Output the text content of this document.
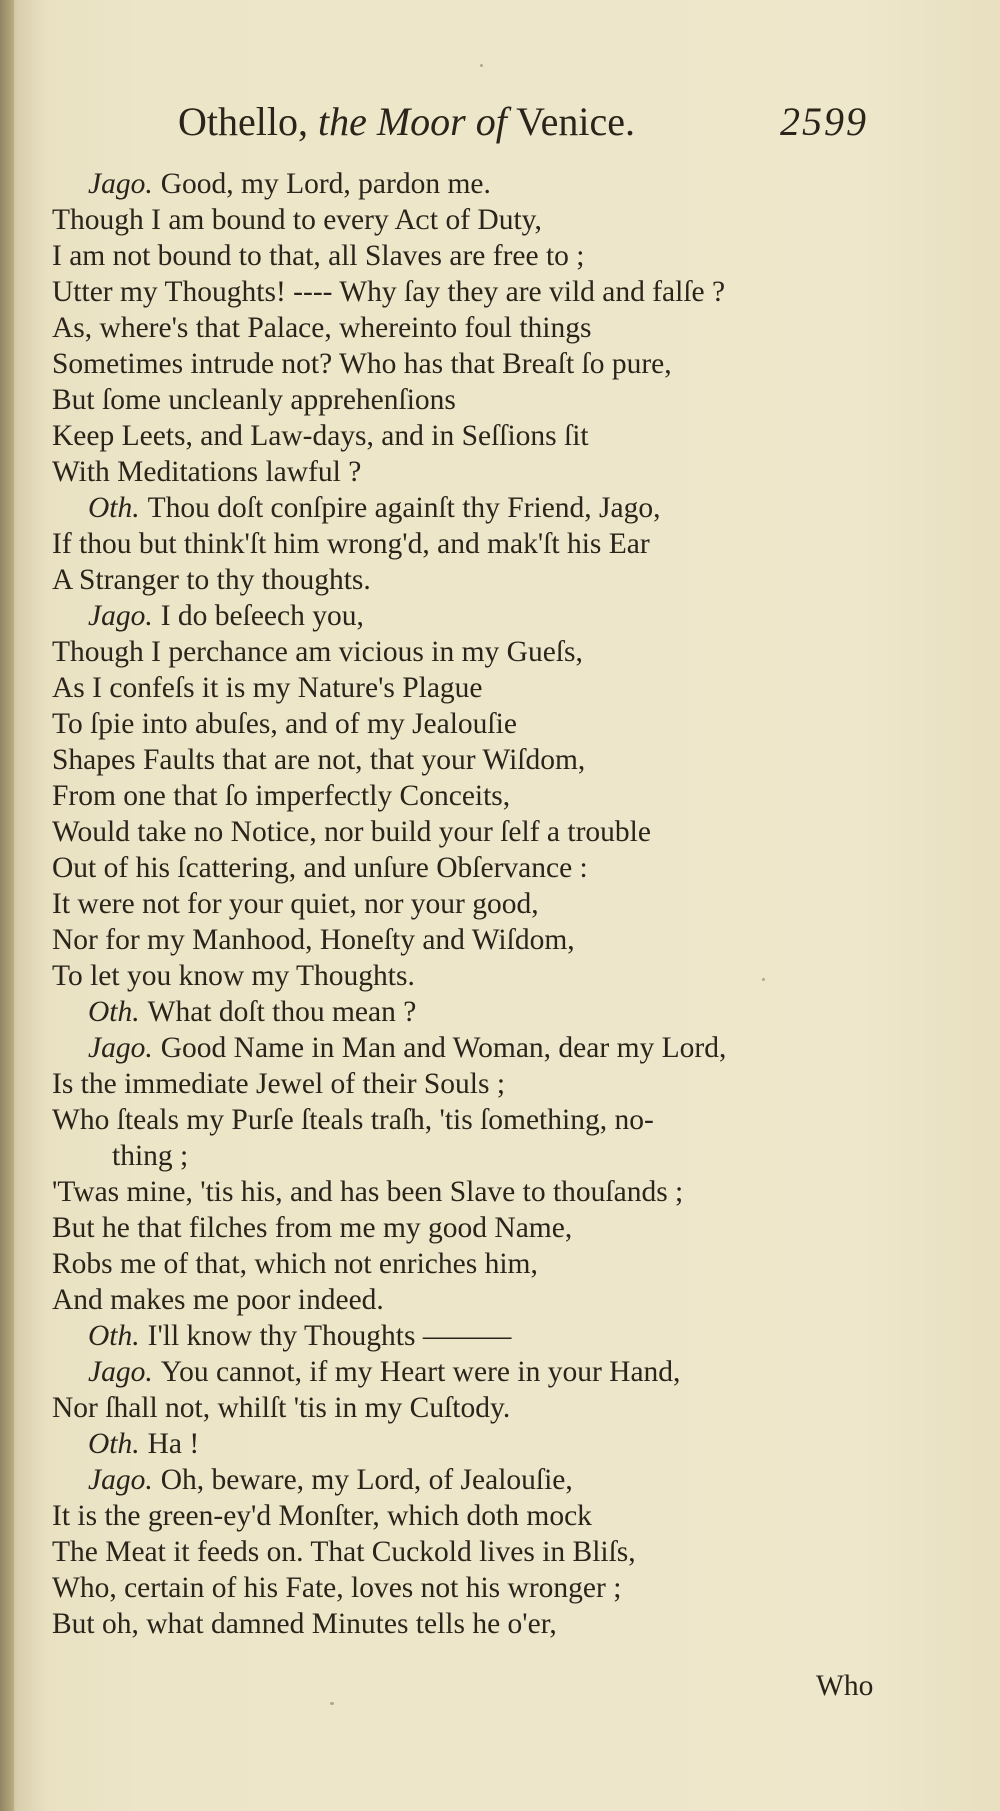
Othello, the Moor of Venice.	2599
Jago. Good, my Lord, pardon me.
Though I am bound to every Aᴄt of Duty,
I am not bound to that, all Slaves are free to ;
Utter my Thoughts! ---- Why ſay they are vild and falſe ?
As, where's that Palace, whereinto foul things
Sometimes intrude not? Who has that Breaſt ſo pure,
But ſome uncleanly apprehenſions
Keep Leets, and Law-days, and in Seſſions ſit
With Meditations lawful ?
Oth. Thou doſt conſpire againſt thy Friend, Jago,
If thou but think'ſt him wrong'd, and mak'ſt his Ear
A Stranger to thy thoughts.
Jago. I do beſeech you,
Though I perchance am vicious in my Gueſs,
As I confeſs it is my Nature's Plague
To ſpie into abuſes, and of my Jealouſie
Shapes Faults that are not, that your Wiſdom,
From one that ſo imperfeᴄtly Conceits,
Would take no Notice, nor build your ſelf a trouble
Out of his ſcattering, and unſure Obſervance :
It were not for your quiet, nor your good,
Nor for my Manhood, Honeſty and Wiſdom,
To let you know my Thoughts.
Oth. What doſt thou mean ?
Jago. Good Name in Man and Woman, dear my Lord,
Is the immediate Jewel of their Souls ;
Who ſteals my Purſe ſteals traſh, 'tis ſomething, no-
thing ;
'Twas mine, 'tis his, and has been Slave to thouſands ;
But he that filches from me my good Name,
Robs me of that, which not enriches him,
And makes me poor indeed.
Oth. I'll know thy Thoughts ———
Jago. You cannot, if my Heart were in your Hand,
Nor ſhall not, whilſt 'tis in my Cuſtody.
Oth. Ha !
Jago. Oh, beware, my Lord, of Jealouſie,
It is the green-ey'd Monſter, which doth mock
The Meat it feeds on. That Cuckold lives in Bliſs,
Who, certain of his Fate, loves not his wronger ;
But oh, what damned Minutes tells he o'er,
Who
